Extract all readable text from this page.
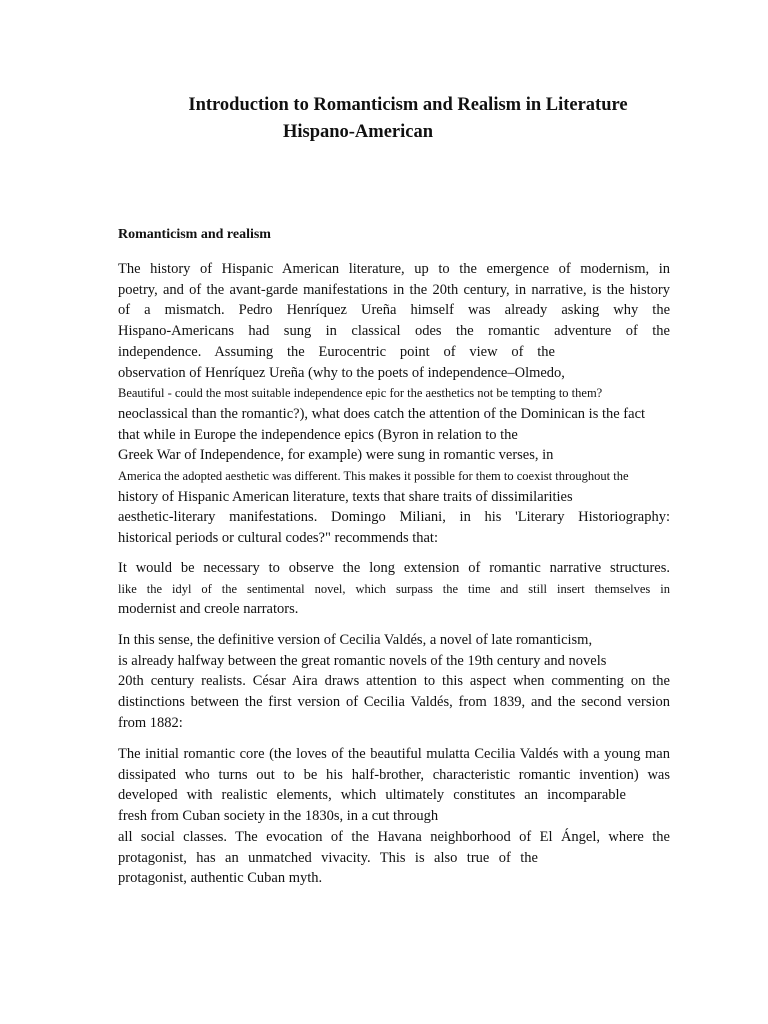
Introduction to Romanticism and Realism in Literature
Hispano-American
Romanticism and realism
The history of Hispanic American literature, up to the emergence of modernism, in
poetry, and of the avant-garde manifestations in the 20th century, in narrative, is the history
of a mismatch. Pedro Henríquez Ureña himself was already asking why the
Hispano-Americans had sung in classical odes the romantic adventure of the
independence. Assuming the Eurocentric point of view of the
observation of Henríquez Ureña (why to the poets of independence–Olmedo,
Beautiful - could the most suitable independence epic for the aesthetics not be tempting to them?
neoclassical than the romantic?), what does catch the attention of the Dominican is the fact
that while in Europe the independence epics (Byron in relation to the
Greek War of Independence, for example) were sung in romantic verses, in
America the adopted aesthetic was different. This makes it possible for them to coexist throughout the
history of Hispanic American literature, texts that share traits of dissimilarities
aesthetic-literary manifestations. Domingo Miliani, in his 'Literary Historiography:
historical periods or cultural codes?" recommends that:
It would be necessary to observe the long extension of romantic narrative structures.
like the idyl of the sentimental novel, which surpass the time and still insert themselves in
modernist and creole narrators.
In this sense, the definitive version of Cecilia Valdés, a novel of late romanticism,
is already halfway between the great romantic novels of the 19th century and novels
20th century realists. César Aira draws attention to this aspect when commenting on the
distinctions between the first version of Cecilia Valdés, from 1839, and the second version
from 1882:
The initial romantic core (the loves of the beautiful mulatta Cecilia Valdés with a young man
dissipated who turns out to be his half-brother, characteristic romantic invention) was
developed with realistic elements, which ultimately constitutes an incomparable
fresh from Cuban society in the 1830s, in a cut through
all social classes. The evocation of the Havana neighborhood of El Ángel, where the
protagonist, has an unmatched vivacity. This is also true of the
protagonist, authentic Cuban myth.
